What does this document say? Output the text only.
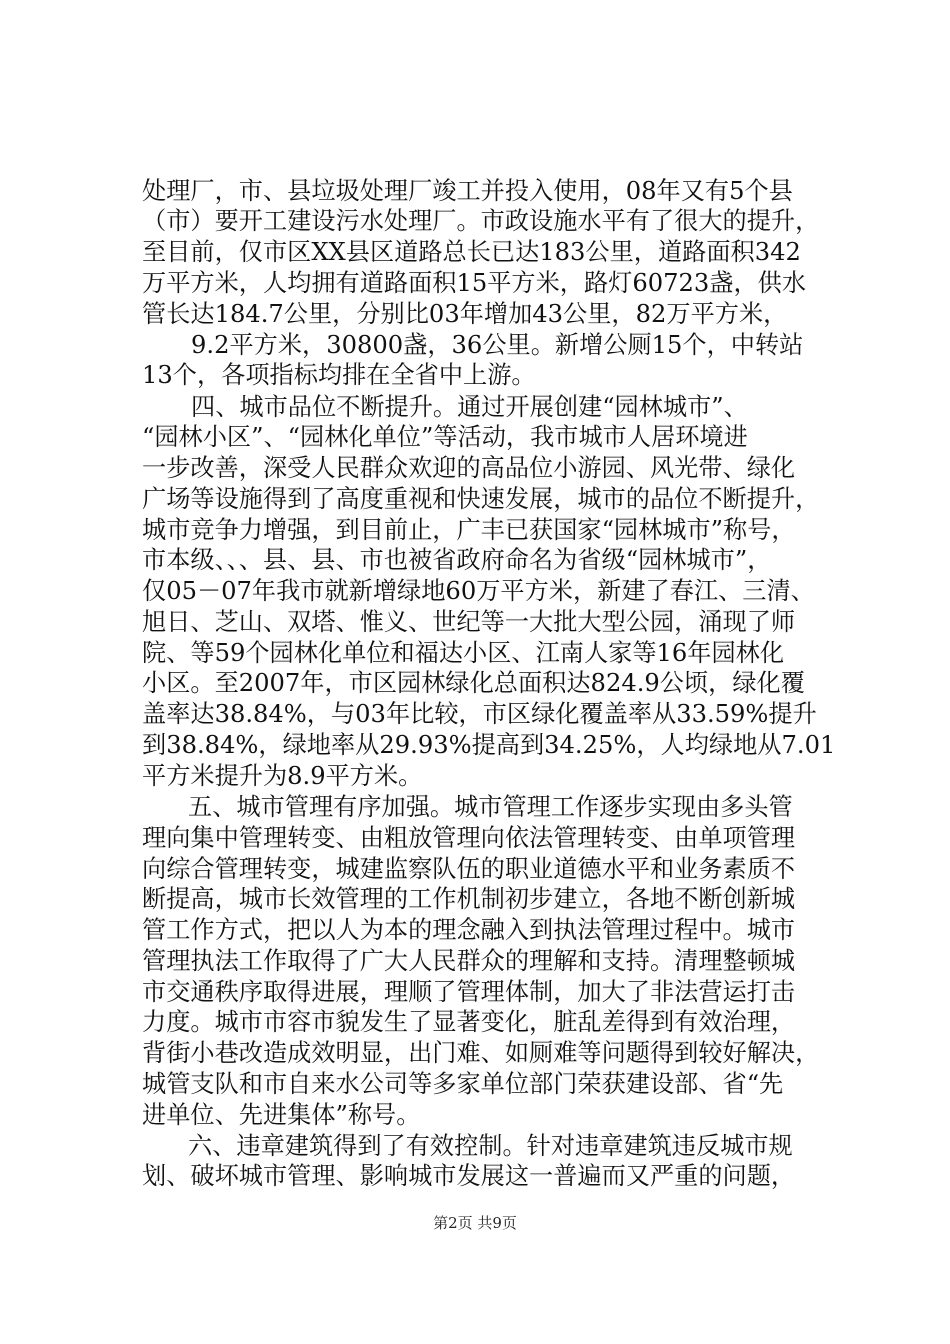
处理厂，市、县垃圾处理厂竣工并投入使用，08年又有5个县
（市）要开工建设污水处理厂。市政设施水平有了很大的提升，
至目前，仅市区XX县区道路总长已达183公里，道路面积342
万平方米，人均拥有道路面积15平方米，路灯60723盏，供水
管长达184.7公里，分别比03年增加43公里，82万平方米，
9.2平方米，30800盏，36公里。新增公厕15个，中转站
13个，各项指标均排在全省中上游。
四、城市品位不断提升。通过开展创建“园林城市”、
“园林小区”、“园林化单位”等活动，我市城市人居环境进
一步改善，深受人民群众欢迎的高品位小游园、风光带、绿化
广场等设施得到了高度重视和快速发展，城市的品位不断提升，
城市竞争力增强，到目前止，广丰已获国家“园林城市”称号，
市本级、、、县、县、市也被省政府命名为省级“园林城市”，
仅05－07年我市就新增绿地60万平方米，新建了春江、三清、
旭日、芝山、双塔、惟义、世纪等一大批大型公园，涌现了师
院、等59个园林化单位和福达小区、江南人家等16年园林化
小区。至2007年，市区园林绿化总面积达824.9公顷，绿化覆
盖率达38.84%，与03年比较，市区绿化覆盖率从33.59%提升
到38.84%，绿地率从29.93%提高到34.25%，人均绿地从7.01
平方米提升为8.9平方米。
五、城市管理有序加强。城市管理工作逐步实现由多头管
理向集中管理转变、由粗放管理向依法管理转变、由单项管理
向综合管理转变，城建监察队伍的职业道德水平和业务素质不
断提高，城市长效管理的工作机制初步建立，各地不断创新城
管工作方式，把以人为本的理念融入到执法管理过程中。城市
管理执法工作取得了广大人民群众的理解和支持。清理整顿城
市交通秩序取得进展，理顺了管理体制，加大了非法营运打击
力度。城市市容市貌发生了显著变化，脏乱差得到有效治理，
背街小巷改造成效明显，出门难、如厕难等问题得到较好解决，
城管支队和市自来水公司等多家单位部门荣获建设部、省“先
进单位、先进集体”称号。
六、违章建筑得到了有效控制。针对违章建筑违反城市规
划、破坏城市管理、影响城市发展这一普遍而又严重的问题，
第2页 共9页
